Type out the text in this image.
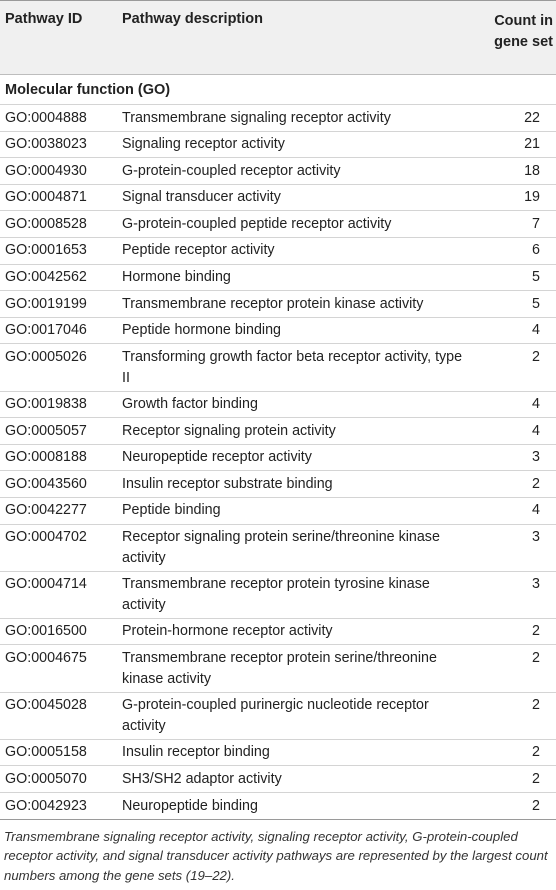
Pathway ID	Pathway description	Count in
gene set
Molecular function (GO)
GO:0004888 Transmembrane signaling receptor activity	22
GO:0038023 Signaling receptor activity	21
GO:0004930 G-protein-coupled receptor activity	18
GO:0004871 Signal transducer activity	19
GO:0008528 G-protein-coupled peptide receptor activity	7
GO:0001653 Peptide receptor activity	6
GO:0042562 Hormone binding	5
GO:0019199 Transmembrane receptor protein kinase activity	5
GO:0017046 Peptide hormone binding	4
GO:0005026 Transforming growth factor beta receptor activity, type II
2
GO:0019838 Growth factor binding	4
GO:0005057 Receptor signaling protein activity	4
GO:0008188 Neuropeptide receptor activity	3
GO:0043560 Insulin receptor substrate binding	2
GO:0042277 Peptide binding	4
GO:0004702 Receptor signaling protein serine/threonine kinase activity
3
GO:0004714 Transmembrane receptor protein tyrosine kinase activity
3
GO:0016500 Protein-hormone receptor activity	2
GO:0004675 Transmembrane receptor protein serine/threonine kinase activity
2
GO:0045028 G-protein-coupled purinergic nucleotide receptor activity
2
GO:0005158 Insulin receptor binding	2
GO:0005070 SH3/SH2 adaptor activity	2
GO:0042923 Neuropeptide binding	2
Transmembrane signaling receptor activity, signaling receptor activity, G-protein-coupled receptor activity, and signal transducer activity pathways are represented by the largest count numbers among the gene sets (19–22).
